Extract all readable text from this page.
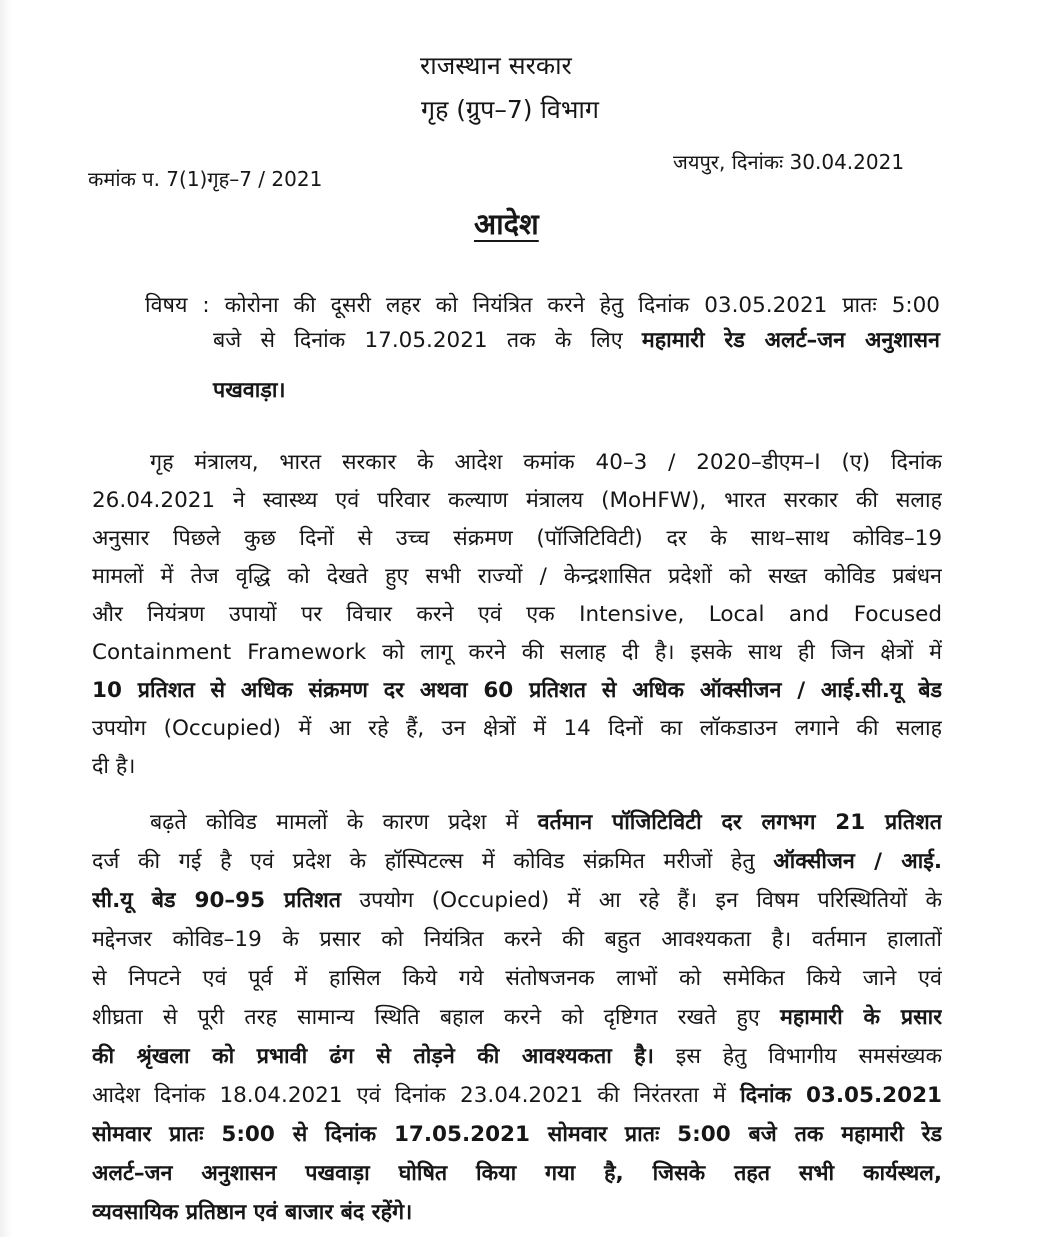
राजस्थान सरकार
गृह (ग्रुप–7) विभाग
कमांक प. 7(1)गृह–7 / 2021
जयपुर, दिनांकः 30.04.2021
आदेश
विषय : कोरोना की दूसरी लहर को नियंत्रित करने हेतु दिनांक 03.05.2021 प्रातः 5:00
बजे से दिनांक 17.05.2021 तक के लिए महामारी रेड अलर्ट–जन अनुशासन
पखवाड़ा।
गृह मंत्रालय, भारत सरकार के आदेश कमांक 40–3 / 2020–डीएम–I (ए) दिनांक
26.04.2021 ने स्वास्थ्य एवं परिवार कल्याण मंत्रालय (MoHFW), भारत सरकार की सलाह
अनुसार पिछले कुछ दिनों से उच्च संक्रमण (पॉजिटिविटी) दर के साथ–साथ कोविड–19
मामलों में तेज वृद्धि को देखते हुए सभी राज्यों / केन्द्रशासित प्रदेशों को सख्त कोविड प्रबंधन
और नियंत्रण उपायों पर विचार करने एवं एक Intensive, Local and Focused
Containment Framework को लागू करने की सलाह दी है। इसके साथ ही जिन क्षेत्रों में
10 प्रतिशत से अधिक संक्रमण दर अथवा 60 प्रतिशत से अधिक ऑक्सीजन / आई.सी.यू बेड
उपयोग (Occupied) में आ रहे हैं, उन क्षेत्रों में 14 दिनों का लॉकडाउन लगाने की सलाह
दी है।
बढ़ते कोविड मामलों के कारण प्रदेश में वर्तमान पॉजिटिविटी दर लगभग 21 प्रतिशत
दर्ज की गई है एवं प्रदेश के हॉस्पिटल्स में कोविड संक्रमित मरीजों हेतु ऑक्सीजन / आई.
सी.यू बेड 90–95 प्रतिशत उपयोग (Occupied) में आ रहे हैं। इन विषम परिस्थितियों के
मद्देनजर कोविड–19 के प्रसार को नियंत्रित करने की बहुत आवश्यकता है। वर्तमान हालातों
से निपटने एवं पूर्व में हासिल किये गये संतोषजनक लाभों को समेकित किये जाने एवं
शीघ्रता से पूरी तरह सामान्य स्थिति बहाल करने को दृष्टिगत रखते हुए महामारी के प्रसार
की श्रृंखला को प्रभावी ढंग से तोड़ने की आवश्यकता है। इस हेतु विभागीय समसंख्यक
आदेश दिनांक 18.04.2021 एवं दिनांक 23.04.2021 की निरंतरता में दिनांक 03.05.2021
सोमवार प्रातः 5:00 से दिनांक 17.05.2021 सोमवार प्रातः 5:00 बजे तक महामारी रेड
अलर्ट–जन अनुशासन पखवाड़ा घोषित किया गया है, जिसके तहत सभी कार्यस्थल,
व्यवसायिक प्रतिष्ठान एवं बाजार बंद रहेंगे।
